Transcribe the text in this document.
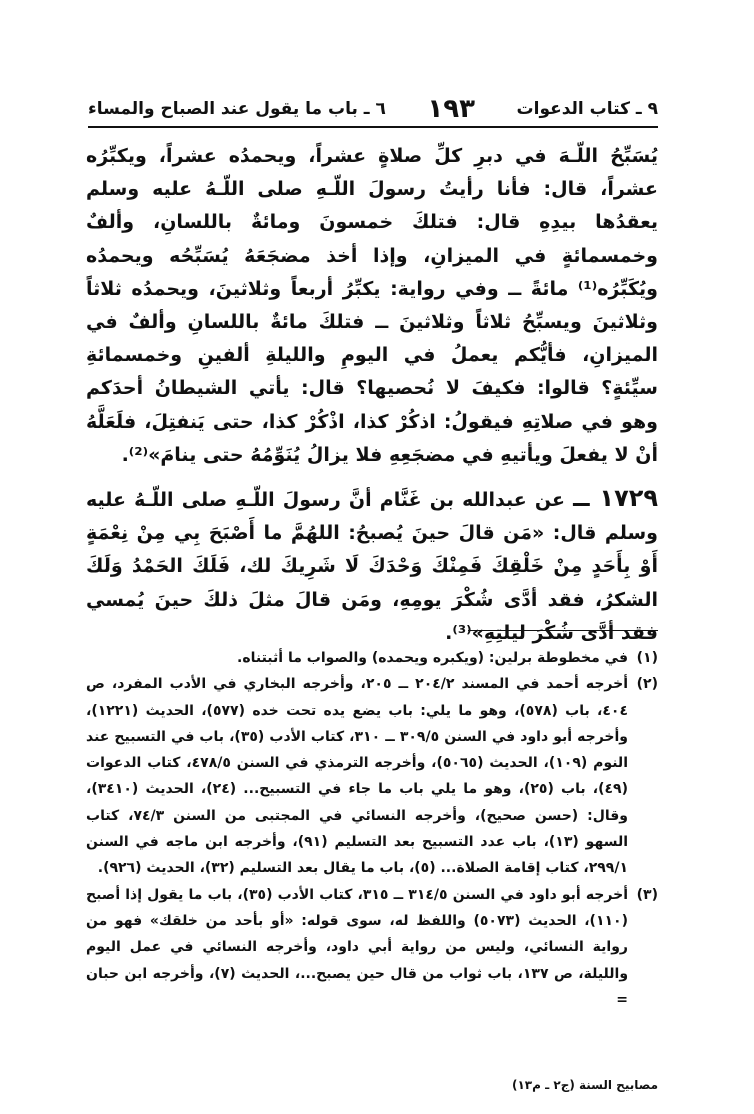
٩ ـ كتاب الدعوات
١٩٣
٦ ـ باب ما يقول عند الصباح والمساء

يُسَبِّحُ اللّـهَ في دبرِ كلِّ صلاةٍ عشراً، ويحمدُه عشراً، ويكبِّرُه عشراً، قال: فأنا رأيتُ رسولَ اللّـهِ صلى اللّـهُ عليه وسلم يعقدُها بيدِهِ قال: فتلكَ خمسونَ ومائةٌ باللسانِ، وألفٌ وخمسمائةٍ في الميزانِ، وإذا أخذ مضجَعَهُ يُسَبِّحُه ويحمدُه ويُكَبِّرُه⁽¹⁾ مائةً ــ وفي رواية: يكبِّرُ أربعاً وثلاثينَ، ويحمدُه ثلاثاً وثلاثينَ ويسبِّحُ ثلاثاً وثلاثينَ ــ فتلكَ مائةٌ باللسانِ وألفٌ في الميزانِ، فأيُّكم يعملُ في اليومِ والليلةِ ألفينِ وخمسمائةِ سيِّئةٍ؟ قالوا: فكيفَ لا نُحصيها؟ قال: يأتي الشيطانُ أحدَكم وهو في صلاتِهِ فيقولُ: اذكُرْ كذا، اذْكُرْ كذا، حتى يَنفتِلَ، فلَعَلَّهُ أنْ لا يفعلَ ويأتيهِ في مضجَعِهِ فلا يزالُ يُنَوِّمُهُ حتى ينامَ»⁽²⁾.

١٧٢٩ ــ عن عبدالله بن غَنَّام أنَّ رسولَ اللّـهِ صلى اللّـهُ عليه وسلم قال: «مَن قالَ حينَ يُصبحُ: اللهُمَّ ما أَصْبَحَ بِي مِنْ نِعْمَةٍ أَوْ بِأَحَدٍ مِنْ خَلْقِكَ فَمِنْكَ وَحْدَكَ لَا شَرِيكَ لك، فَلَكَ الحَمْدُ وَلَكَ الشكرُ، فقد أدَّى شُكْرَ يومِهِ، ومَن قالَ مثلَ ذلكَ حينَ يُمسي فقد أدَّى شُكْرَ ليلتِهِ»⁽³⁾.

(١)
في مخطوطة برلين: (ويكبره ويحمده) والصواب ما أثبتناه.

(٢)
أخرجه أحمد في المسند ٢٠٤/٢ ــ ٢٠٥، وأخرجه البخاري في الأدب المفرد، ص ٤٠٤، باب (٥٧٨)، وهو ما يلي: باب يضع يده تحت خده (٥٧٧)، الحديث (١٢٢١)، وأخرجه أبو داود في السنن ٣٠٩/٥ ــ ٣١٠، كتاب الأدب (٣٥)، باب في التسبيح عند النوم (١٠٩)، الحديث (٥٠٦٥)، وأخرجه الترمذي في السنن ٤٧٨/٥، كتاب الدعوات (٤٩)، باب (٢٥)، وهو ما يلي باب ما جاء في التسبيح... (٢٤)، الحديث (٣٤١٠)، وقال: (حسن صحيح)، وأخرجه النسائي في المجتبى من السنن ٧٤/٣، كتاب السهو (١٣)، باب عدد التسبيح بعد التسليم (٩١)، وأخرجه ابن ماجه في السنن ٢٩٩/١، كتاب إقامة الصلاة... (٥)، باب ما يقال بعد التسليم (٣٢)، الحديث (٩٢٦).

(٣)
أخرجه أبو داود في السنن ٣١٤/٥ ــ ٣١٥، كتاب الأدب (٣٥)، باب ما يقول إذا أصبح (١١٠)، الحديث (٥٠٧٣) واللفظ له، سوى قوله: «أو بأحد من خلقك» فهو من رواية النسائي، وليس من رواية أبي داود، وأخرجه النسائي في عمل اليوم والليلة، ص ١٣٧، باب ثواب من قال حين يصبح...، الحديث (٧)، وأخرجه ابن حبان =

مصابيح السنة (ج٢ ـ م١٣)
